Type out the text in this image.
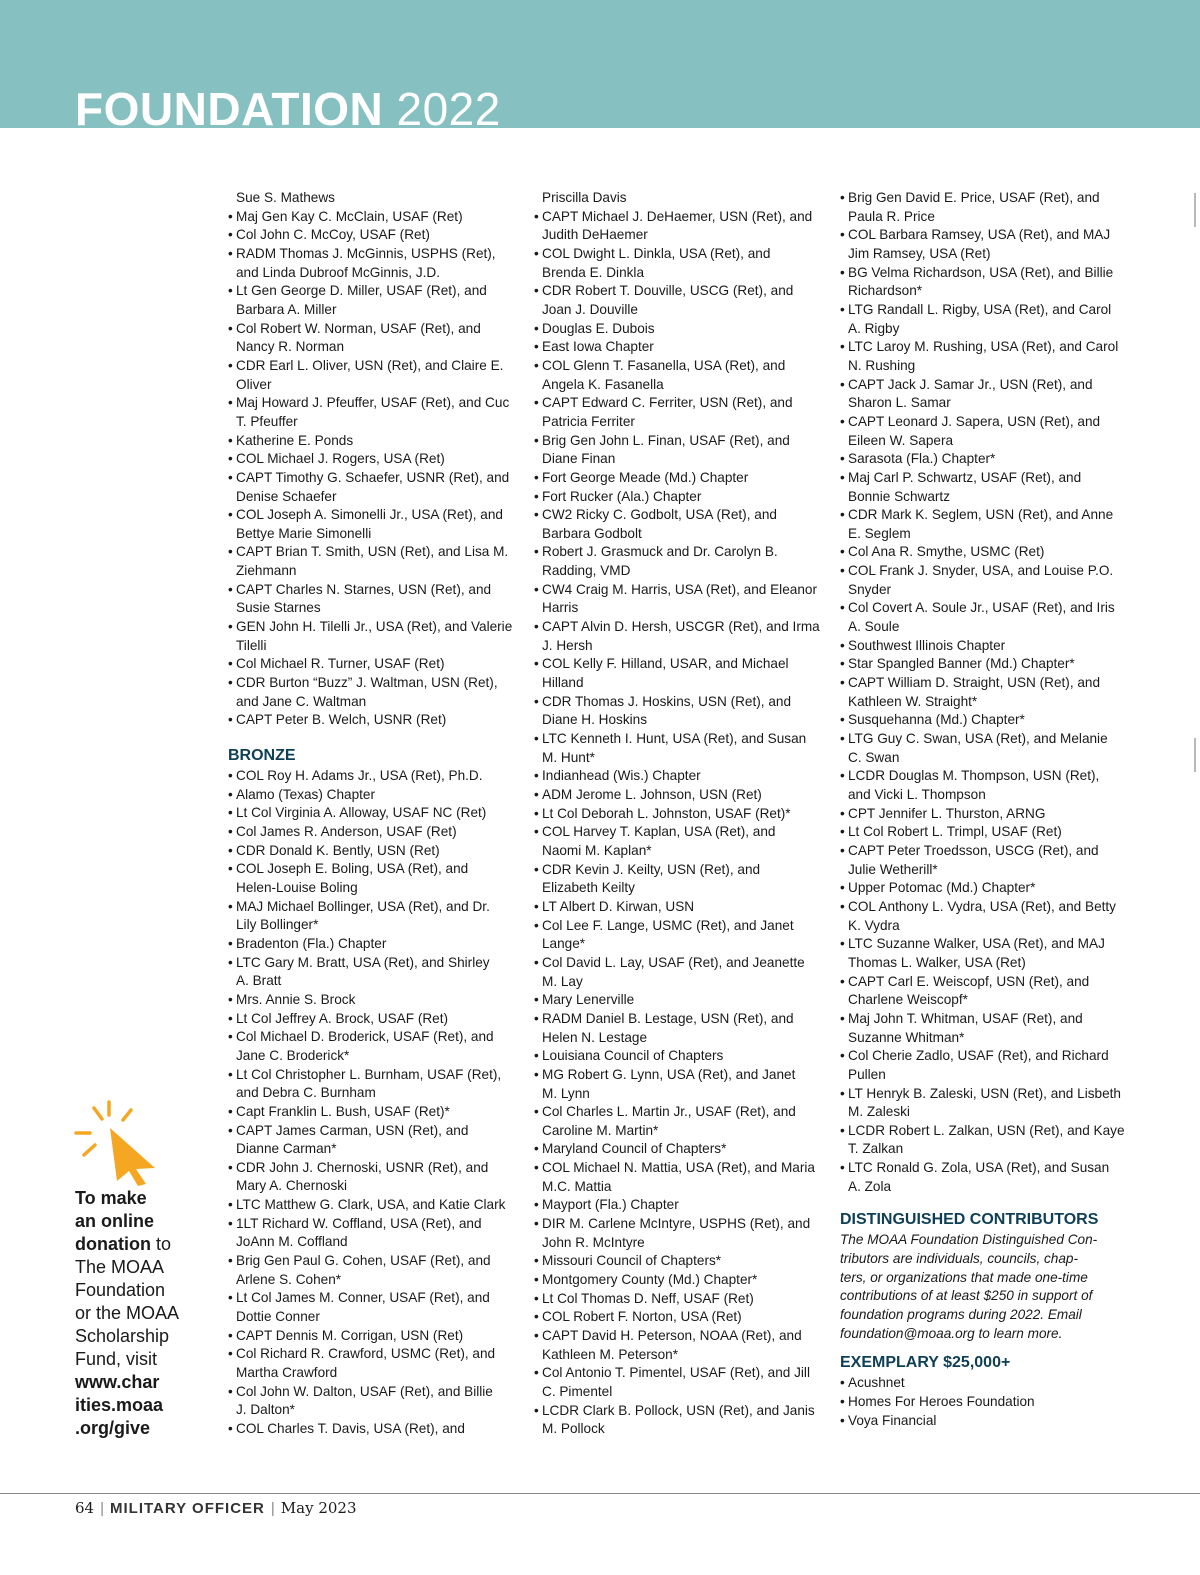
FOUNDATION 2022
Sue S. Mathews
• Maj Gen Kay C. McClain, USAF (Ret)
• Col John C. McCoy, USAF (Ret)
• RADM Thomas J. McGinnis, USPHS (Ret),
and Linda Dubroof McGinnis, J.D.
• Lt Gen George D. Miller, USAF (Ret), and
Barbara A. Miller
• Col Robert W. Norman, USAF (Ret), and
Nancy R. Norman
• CDR Earl L. Oliver, USN (Ret), and Claire E.
Oliver
• Maj Howard J. Pfeuffer, USAF (Ret), and Cuc
T. Pfeuffer
• Katherine E. Ponds
• COL Michael J. Rogers, USA (Ret)
• CAPT Timothy G. Schaefer, USNR (Ret), and
Denise Schaefer
• COL Joseph A. Simonelli Jr., USA (Ret), and
Bettye Marie Simonelli
• CAPT Brian T. Smith, USN (Ret), and Lisa M.
Ziehmann
• CAPT Charles N. Starnes, USN (Ret), and
Susie Starnes
• GEN John H. Tilelli Jr., USA (Ret), and Valerie
Tilelli
• Col Michael R. Turner, USAF (Ret)
• CDR Burton “Buzz” J. Waltman, USN (Ret),
and Jane C. Waltman
• CAPT Peter B. Welch, USNR (Ret)
BRONZE
• COL Roy H. Adams Jr., USA (Ret), Ph.D.
• Alamo (Texas) Chapter
• Lt Col Virginia A. Alloway, USAF NC (Ret)
• Col James R. Anderson, USAF (Ret)
• CDR Donald K. Bently, USN (Ret)
• COL Joseph E. Boling, USA (Ret), and
Helen-Louise Boling
• MAJ Michael Bollinger, USA (Ret), and Dr.
Lily Bollinger*
• Bradenton (Fla.) Chapter
• LTC Gary M. Bratt, USA (Ret), and Shirley
A. Bratt
• Mrs. Annie S. Brock
• Lt Col Jeffrey A. Brock, USAF (Ret)
• Col Michael D. Broderick, USAF (Ret), and
Jane C. Broderick*
• Lt Col Christopher L. Burnham, USAF (Ret),
and Debra C. Burnham
• Capt Franklin L. Bush, USAF (Ret)*
• CAPT James Carman, USN (Ret), and
Dianne Carman*
• CDR John J. Chernoski, USNR (Ret), and
Mary A. Chernoski
• LTC Matthew G. Clark, USA, and Katie Clark
• 1LT Richard W. Coffland, USA (Ret), and
JoAnn M. Coffland
• Brig Gen Paul G. Cohen, USAF (Ret), and
Arlene S. Cohen*
• Lt Col James M. Conner, USAF (Ret), and
Dottie Conner
• CAPT Dennis M. Corrigan, USN (Ret)
• Col Richard R. Crawford, USMC (Ret), and
Martha Crawford
• Col John W. Dalton, USAF (Ret), and Billie
J. Dalton*
• COL Charles T. Davis, USA (Ret), and
Priscilla Davis
• CAPT Michael J. DeHaemer, USN (Ret), and
Judith DeHaemer
• COL Dwight L. Dinkla, USA (Ret), and
Brenda E. Dinkla
• CDR Robert T. Douville, USCG (Ret), and
Joan J. Douville
• Douglas E. Dubois
• East Iowa Chapter
• COL Glenn T. Fasanella, USA (Ret), and
Angela K. Fasanella
• CAPT Edward C. Ferriter, USN (Ret), and
Patricia Ferriter
• Brig Gen John L. Finan, USAF (Ret), and
Diane Finan
• Fort George Meade (Md.) Chapter
• Fort Rucker (Ala.) Chapter
• CW2 Ricky C. Godbolt, USA (Ret), and
Barbara Godbolt
• Robert J. Grasmuck and Dr. Carolyn B.
Radding, VMD
• CW4 Craig M. Harris, USA (Ret), and Eleanor
Harris
• CAPT Alvin D. Hersh, USCGR (Ret), and Irma
J. Hersh
• COL Kelly F. Hilland, USAR, and Michael
Hilland
• CDR Thomas J. Hoskins, USN (Ret), and
Diane H. Hoskins
• LTC Kenneth I. Hunt, USA (Ret), and Susan
M. Hunt*
• Indianhead (Wis.) Chapter
• ADM Jerome L. Johnson, USN (Ret)
• Lt Col Deborah L. Johnston, USAF (Ret)*
• COL Harvey T. Kaplan, USA (Ret), and
Naomi M. Kaplan*
• CDR Kevin J. Keilty, USN (Ret), and
Elizabeth Keilty
• LT Albert D. Kirwan, USN
• Col Lee F. Lange, USMC (Ret), and Janet
Lange*
• Col David L. Lay, USAF (Ret), and Jeanette
M. Lay
• Mary Lenerville
• RADM Daniel B. Lestage, USN (Ret), and
Helen N. Lestage
• Louisiana Council of Chapters
• MG Robert G. Lynn, USA (Ret), and Janet
M. Lynn
• Col Charles L. Martin Jr., USAF (Ret), and
Caroline M. Martin*
• Maryland Council of Chapters*
• COL Michael N. Mattia, USA (Ret), and Maria
M.C. Mattia
• Mayport (Fla.) Chapter
• DIR M. Carlene McIntyre, USPHS (Ret), and
John R. McIntyre
• Missouri Council of Chapters*
• Montgomery County (Md.) Chapter*
• Lt Col Thomas D. Neff, USAF (Ret)
• COL Robert F. Norton, USA (Ret)
• CAPT David H. Peterson, NOAA (Ret), and
Kathleen M. Peterson*
• Col Antonio T. Pimentel, USAF (Ret), and Jill
C. Pimentel
• LCDR Clark B. Pollock, USN (Ret), and Janis
M. Pollock
• Brig Gen David E. Price, USAF (Ret), and
Paula R. Price
• COL Barbara Ramsey, USA (Ret), and MAJ
Jim Ramsey, USA (Ret)
• BG Velma Richardson, USA (Ret), and Billie
Richardson*
• LTG Randall L. Rigby, USA (Ret), and Carol
A. Rigby
• LTC Laroy M. Rushing, USA (Ret), and Carol
N. Rushing
• CAPT Jack J. Samar Jr., USN (Ret), and
Sharon L. Samar
• CAPT Leonard J. Sapera, USN (Ret), and
Eileen W. Sapera
• Sarasota (Fla.) Chapter*
• Maj Carl P. Schwartz, USAF (Ret), and
Bonnie Schwartz
• CDR Mark K. Seglem, USN (Ret), and Anne
E. Seglem
• Col Ana R. Smythe, USMC (Ret)
• COL Frank J. Snyder, USA, and Louise P.O.
Snyder
• Col Covert A. Soule Jr., USAF (Ret), and Iris
A. Soule
• Southwest Illinois Chapter
• Star Spangled Banner (Md.) Chapter*
• CAPT William D. Straight, USN (Ret), and
Kathleen W. Straight*
• Susquehanna (Md.) Chapter*
• LTG Guy C. Swan, USA (Ret), and Melanie
C. Swan
• LCDR Douglas M. Thompson, USN (Ret),
and Vicki L. Thompson
• CPT Jennifer L. Thurston, ARNG
• Lt Col Robert L. Trimpl, USAF (Ret)
• CAPT Peter Troedsson, USCG (Ret), and
Julie Wetherill*
• Upper Potomac (Md.) Chapter*
• COL Anthony L. Vydra, USA (Ret), and Betty
K. Vydra
• LTC Suzanne Walker, USA (Ret), and MAJ
Thomas L. Walker, USA (Ret)
• CAPT Carl E. Weiscopf, USN (Ret), and
Charlene Weiscopf*
• Maj John T. Whitman, USAF (Ret), and
Suzanne Whitman*
• Col Cherie Zadlo, USAF (Ret), and Richard
Pullen
• LT Henryk B. Zaleski, USN (Ret), and Lisbeth
M. Zaleski
• LCDR Robert L. Zalkan, USN (Ret), and Kaye
T. Zalkan
• LTC Ronald G. Zola, USA (Ret), and Susan
A. Zola
DISTINGUISHED CONTRIBUTORS

The MOAA Foundation Distinguished Con-

tributors are individuals, councils, chap-

ters, or organizations that made one-time

contributions of at least $250 in support of

foundation programs during 2022. Email

foundation@moaa.org to learn more.

EXEMPLARY $25,000+
• Acushnet
• Homes For Heroes Foundation
• Voya Financial
To make
an online
donation to
The MOAA
Foundation
or the MOAA
Scholarship
Fund, visit
www.char
ities.moaa
.org/give
64 | MILITARY OFFICER | May 2023
